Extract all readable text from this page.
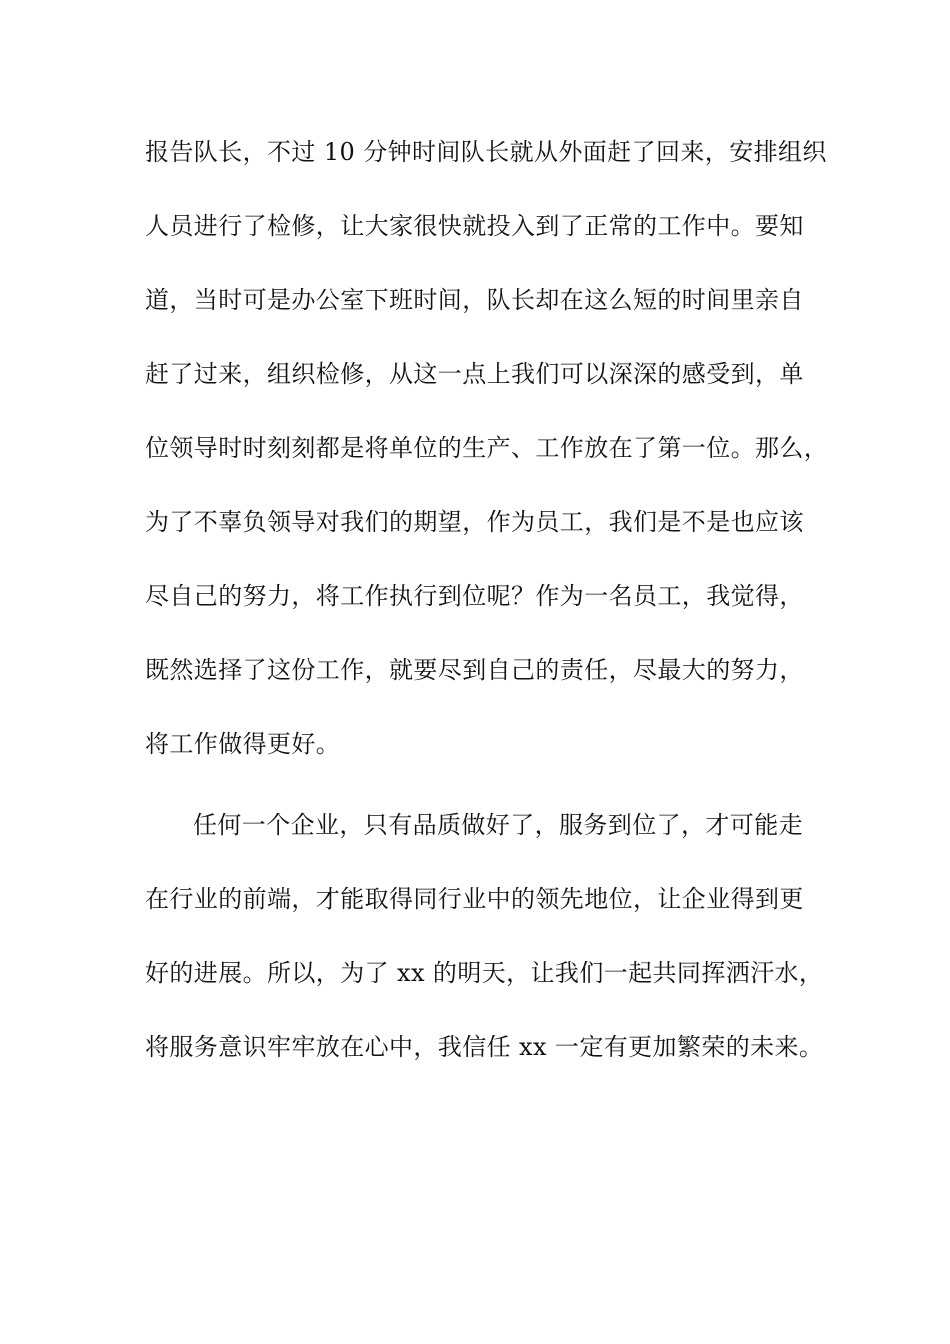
报告队长，不过 10 分钟时间队长就从外面赶了回来，安排组织
人员进行了检修，让大家很快就投入到了正常的工作中。要知
道，当时可是办公室下班时间，队长却在这么短的时间里亲自
赶了过来，组织检修，从这一点上我们可以深深的感受到，单
位领导时时刻刻都是将单位的生产、工作放在了第一位。那么，
为了不辜负领导对我们的期望，作为员工，我们是不是也应该
尽自己的努力，将工作执行到位呢？作为一名员工，我觉得，
既然选择了这份工作，就要尽到自己的责任，尽最大的努力，
将工作做得更好。
任何一个企业，只有品质做好了，服务到位了，才可能走
在行业的前端，才能取得同行业中的领先地位，让企业得到更
好的进展。所以，为了 xx 的明天，让我们一起共同挥洒汗水，
将服务意识牢牢放在心中，我信任 xx 一定有更加繁荣的未来。
